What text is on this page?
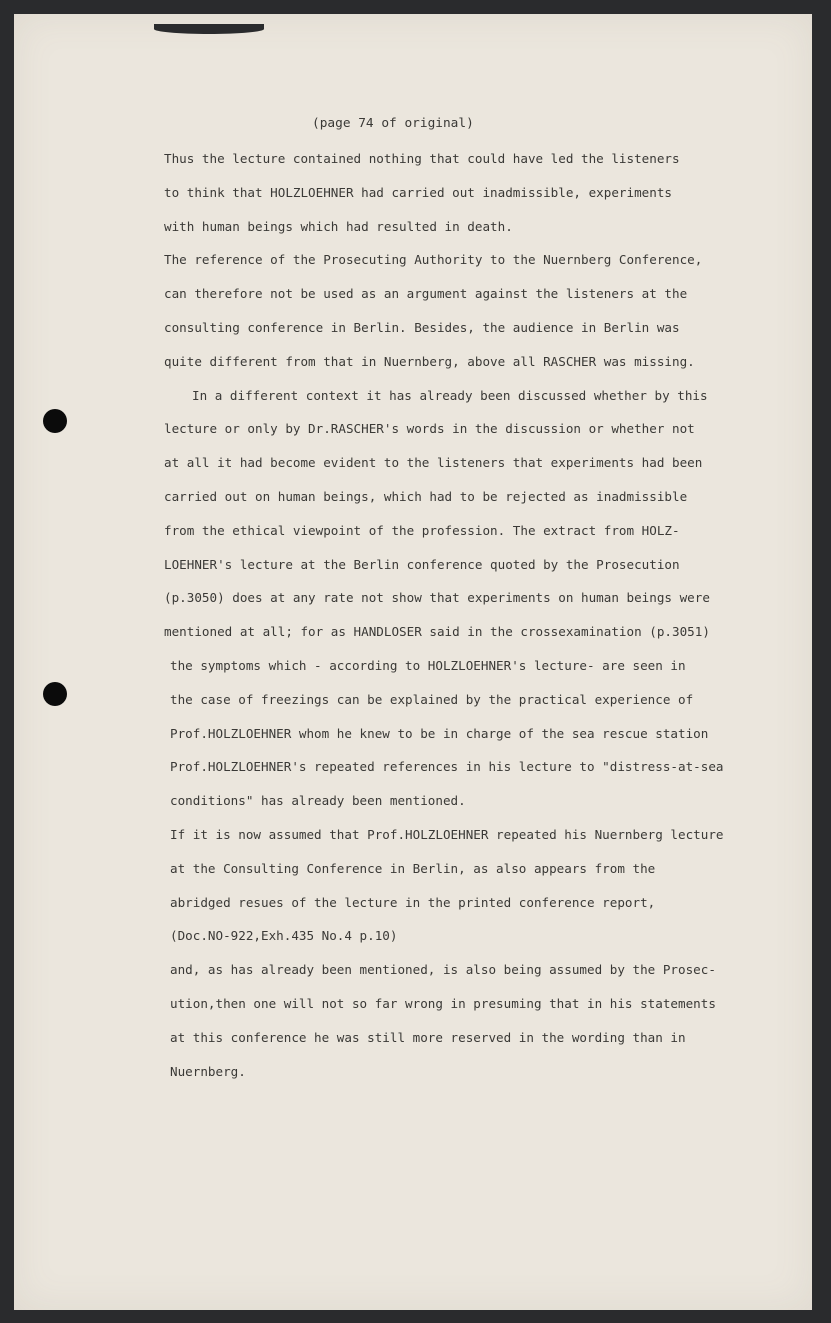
(page 74 of original)
Thus the lecture contained nothing that could have led the listeners
to think that HOLZLOEHNER had carried out inadmissible, experiments
with human beings which had resulted in death.
The reference of the Prosecuting Authority to the Nuernberg Conference,
can therefore not be used as an argument against the listeners at the
consulting conference in Berlin. Besides, the audience in Berlin was
quite different from that in Nuernberg, above all RASCHER was missing.
In a different context it has already been discussed whether by this
lecture or only by Dr.RASCHER's words in the discussion or whether not
at all it had become evident to the listeners that experiments had been
carried out on human beings, which had to be rejected as inadmissible
from the ethical viewpoint of the profession. The extract from HOLZ-
LOEHNER's lecture at the Berlin conference quoted by the Prosecution
(p.3050) does at any rate not show that experiments on human beings were
mentioned at all; for as HANDLOSER said in the crossexamination (p.3051)
the symptoms which - according to HOLZLOEHNER's lecture- are seen in
the case of freezings can be explained by the practical experience of
Prof.HOLZLOEHNER whom he knew to be in charge of the sea rescue station
Prof.HOLZLOEHNER's repeated references in his lecture to "distress-at-sea
conditions" has already been mentioned.
If it is now assumed that Prof.HOLZLOEHNER repeated his Nuernberg lecture
at the Consulting Conference in Berlin, as also appears from the
abridged resues of the lecture in the printed conference report,
(Doc.NO-922,Exh.435 No.4 p.10)
and, as has already been mentioned, is also being assumed by the Prosec-
ution,then one will not so far wrong in presuming that in his statements
at this conference he was still more reserved in the wording than in
Nuernberg.
